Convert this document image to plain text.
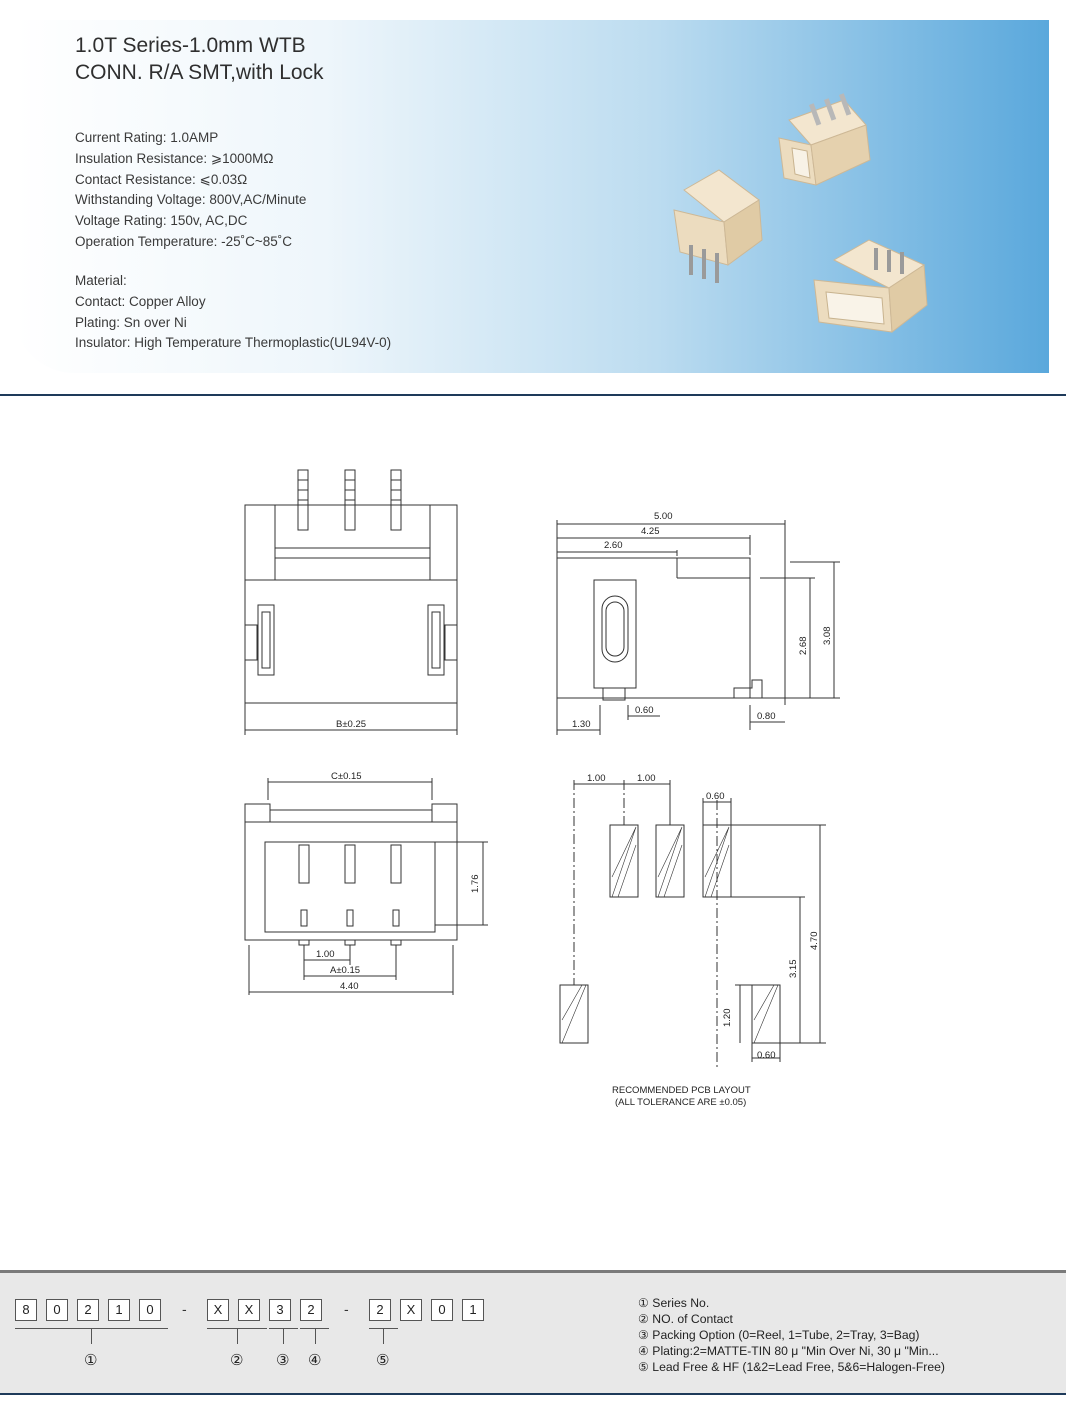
1.0T Series-1.0mm WTB
CONN. R/A SMT,with Lock
Current Rating: 1.0AMP
Insulation Resistance: ⩾1000MΩ
Contact Resistance: ⩽0.03Ω
Withstanding Voltage: 800V,AC/Minute
Voltage Rating: 150v, AC,DC
Operation Temperature: -25˚C~85˚C
Material:
Contact: Copper Alloy
Plating: Sn over Ni
Insulator: High Temperature Thermoplastic(UL94V-0)
B±0.25
5.00
4.25
2.60
2.68
3.08
0.60
1.30
0.80
C±0.15
1.76
1.00
A±0.15
4.40
1.00	1.00
0.60
4.70
3.15
1.20
0.60
RECOMMENDED PCB LAYOUT
(ALL TOLERANCE ARE ±0.05)
8	0	2	1	0	-	X	X	3	2	-	2	X	0	1
①	② ③ ④	⑤
① Series No.
② NO. of Contact
③ Packing Option (0=Reel, 1=Tube, 2=Tray, 3=Bag)
④ Plating:2=MATTE-TIN 80 μ "Min Over Ni, 30 μ "Min...
⑤ Lead Free & HF (1&2=Lead Free, 5&6=Halogen-Free)
